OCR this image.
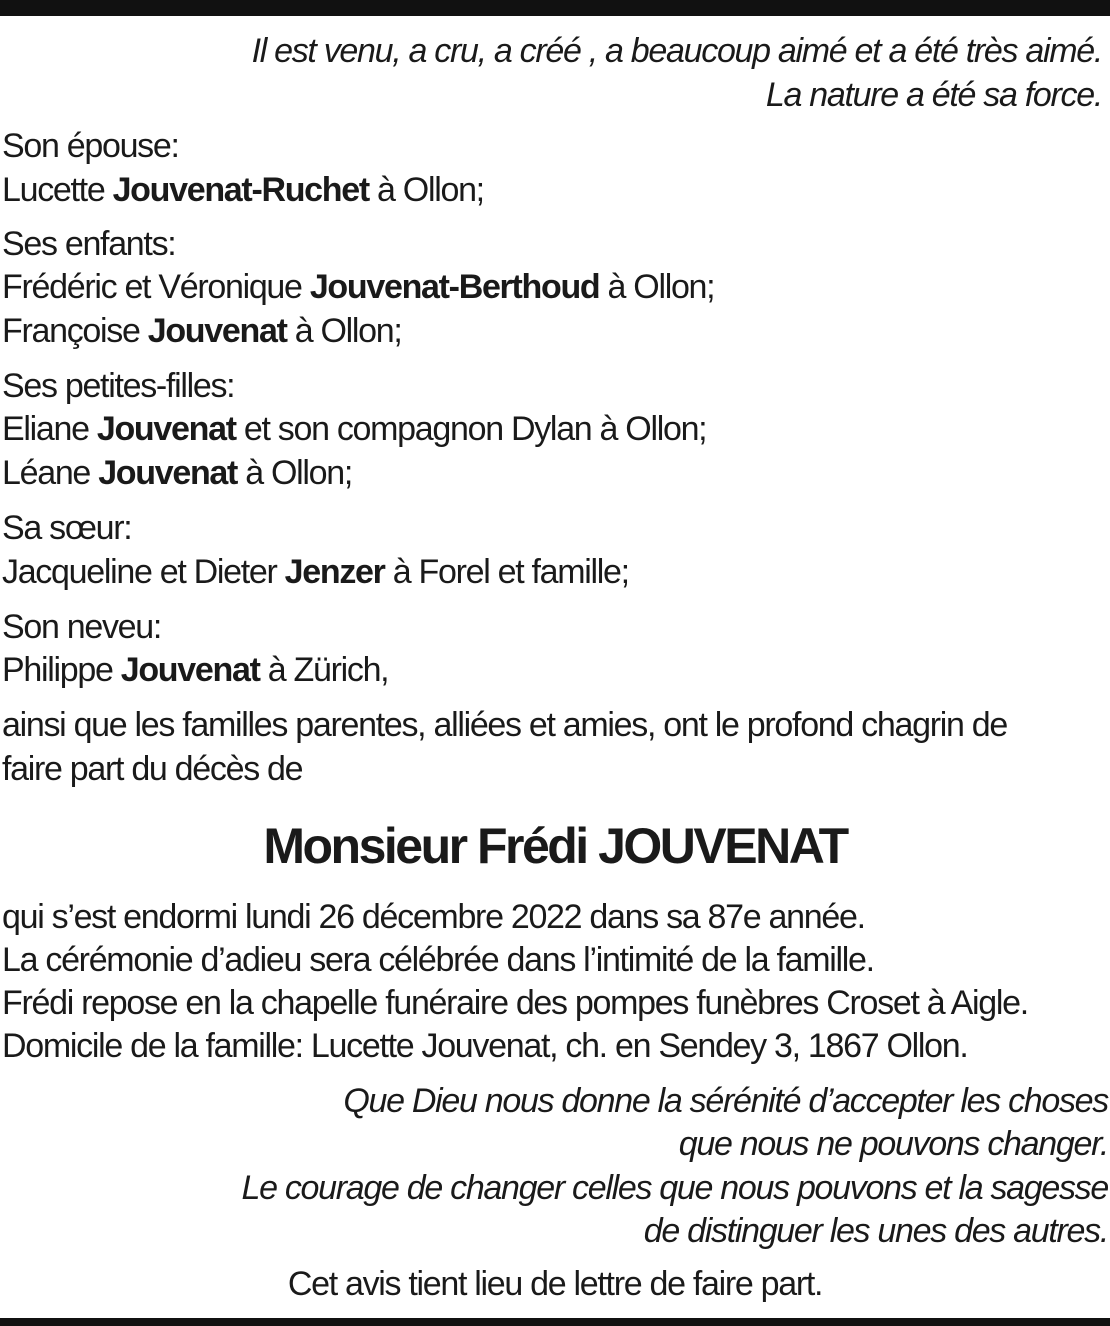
Il est venu, a cru, a créé , a beaucoup aimé et a été très aimé.
La nature a été sa force.
Son épouse:
Lucette Jouvenat-Ruchet à Ollon;
Ses enfants:
Frédéric et Véronique Jouvenat-Berthoud à Ollon;
Françoise Jouvenat à Ollon;
Ses petites-filles:
Eliane Jouvenat et son compagnon Dylan à Ollon;
Léane Jouvenat à Ollon;
Sa sœur:
Jacqueline et Dieter Jenzer à Forel et famille;
Son neveu:
Philippe Jouvenat à Zürich,
ainsi que les familles parentes, alliées et amies, ont le profond chagrin de
faire part du décès de
Monsieur Frédi JOUVENAT
qui s’est endormi lundi 26 décembre 2022 dans sa 87e année.
La cérémonie d’adieu sera célébrée dans l’intimité de la famille.
Frédi repose en la chapelle funéraire des pompes funèbres Croset à Aigle.
Domicile de la famille: Lucette Jouvenat, ch. en Sendey 3, 1867 Ollon.
Que Dieu nous donne la sérénité d’accepter les choses
que nous ne pouvons changer.
Le courage de changer celles que nous pouvons et la sagesse
de distinguer les unes des autres.
Cet avis tient lieu de lettre de faire part.
